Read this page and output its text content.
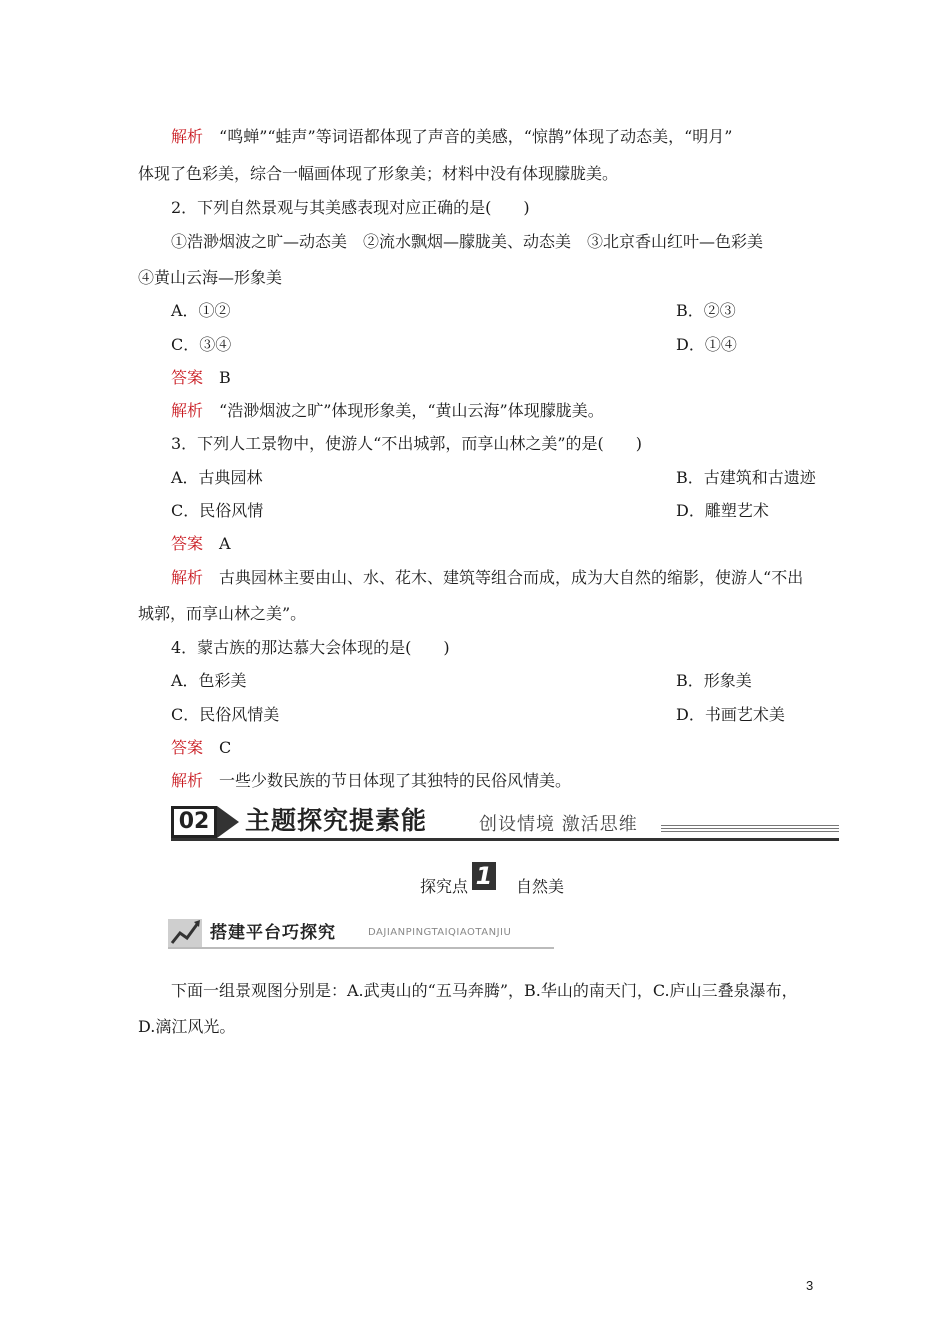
解析 “鸣蝉”“蛙声”等词语都体现了声音的美感，“惊鹊”体现了动态美，“明月”
体现了色彩美，综合一幅画体现了形象美；材料中没有体现朦胧美。
2．下列自然景观与其美感表现对应正确的是(　　)
①浩渺烟波之旷—动态美　②流水飘烟—朦胧美、动态美　③北京香山红叶—色彩美
④黄山云海—形象美
A．①②	B．②③
C．③④	D．①④
答案 B
解析 “浩渺烟波之旷”体现形象美，“黄山云海”体现朦胧美。
3．下列人工景物中，使游人“不出城郭，而享山林之美”的是(　　)
A．古典园林	B．古建筑和古遗迹
C．民俗风情	D．雕塑艺术
答案 A
解析 古典园林主要由山、水、花木、建筑等组合而成，成为大自然的缩影，使游人“不出
城郭，而享山林之美”。
4．蒙古族的那达慕大会体现的是(　　)
A．色彩美	B．形象美
C．民俗风情美	D．书画艺术美
答案 C
解析 一些少数民族的节日体现了其独特的民俗风情美。
02	主题探究提素能	创设情境 激活思维
探究点 1 自然美
搭建平台巧探究	DAJIANPINGTAIQIAOTANJIU
下面一组景观图分别是：A.武夷山的“五马奔腾”，B.华山的南天门，C.庐山三叠泉瀑布，
D.漓江风光。
3
